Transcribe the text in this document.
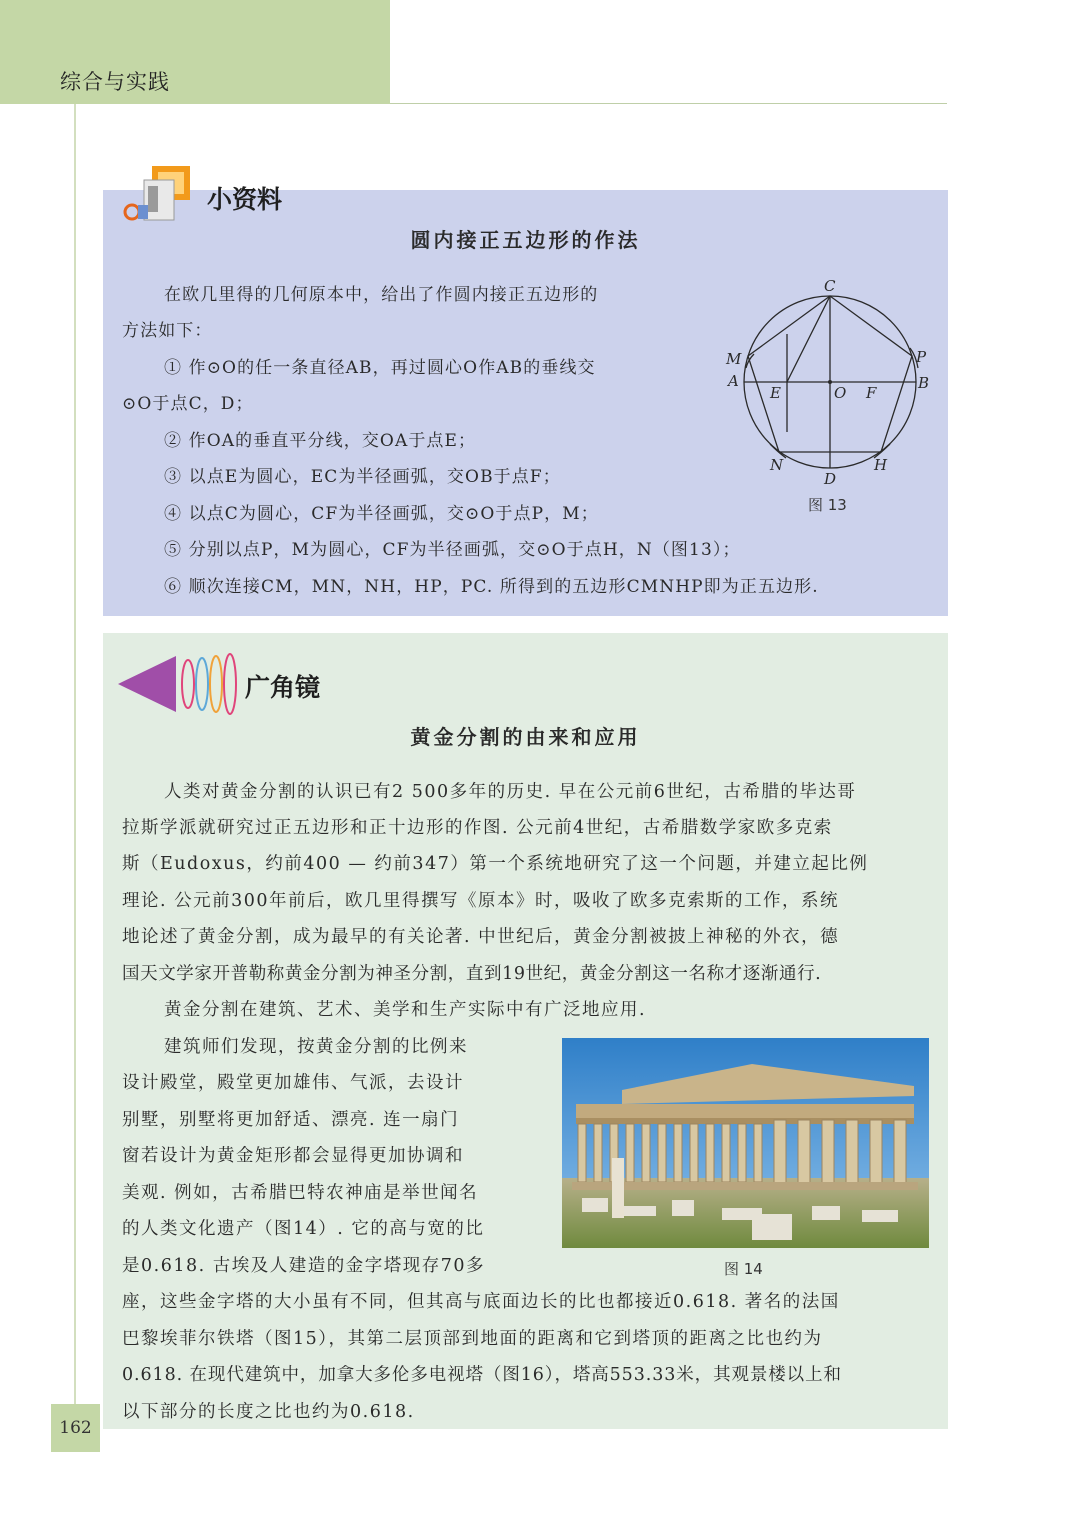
综合与实践
小资料
圆内接正五边形的作法
在欧几里得的几何原本中，给出了作圆内接正五边形的
方法如下：
① 作⊙O的任一条直径AB，再过圆心O作AB的垂线交
⊙O于点C，D；
② 作OA的垂直平分线，交OA于点E；
③ 以点E为圆心，EC为半径画弧，交OB于点F；
④ 以点C为圆心，CF为半径画弧，交⊙O于点P，M；
⑤ 分别以点P，M为圆心，CF为半径画弧，交⊙O于点H，N（图13）；
⑥ 顺次连接CM，MN，NH，HP，PC. 所得到的五边形CMNHP即为正五边形.
C
M
A
E	O F
P
B
N
D
H
图 13
广角镜
黄金分割的由来和应用
人类对黄金分割的认识已有2 500多年的历史. 早在公元前6世纪，古希腊的毕达哥
拉斯学派就研究过正五边形和正十边形的作图. 公元前4世纪，古希腊数学家欧多克索
斯（Eudoxus，约前400 — 约前347）第一个系统地研究了这一个问题，并建立起比例
理论. 公元前300年前后，欧几里得撰写《原本》时，吸收了欧多克索斯的工作，系统
地论述了黄金分割，成为最早的有关论著. 中世纪后，黄金分割被披上神秘的外衣，德
国天文学家开普勒称黄金分割为神圣分割，直到19世纪，黄金分割这一名称才逐渐通行.
黄金分割在建筑、艺术、美学和生产实际中有广泛地应用.
建筑师们发现，按黄金分割的比例来
设计殿堂，殿堂更加雄伟、气派，去设计
别墅，别墅将更加舒适、漂亮. 连一扇门
窗若设计为黄金矩形都会显得更加协调和
美观. 例如，古希腊巴特农神庙是举世闻名
的人类文化遗产（图14）. 它的高与宽的比
是0.618. 古埃及人建造的金字塔现存70多
座，这些金字塔的大小虽有不同，但其高与底面边长的比也都接近0.618. 著名的法国
巴黎埃菲尔铁塔（图15），其第二层顶部到地面的距离和它到塔顶的距离之比也约为
0.618. 在现代建筑中，加拿大多伦多电视塔（图16），塔高553.33米，其观景楼以上和
以下部分的长度之比也约为0.618.
图 14
162
